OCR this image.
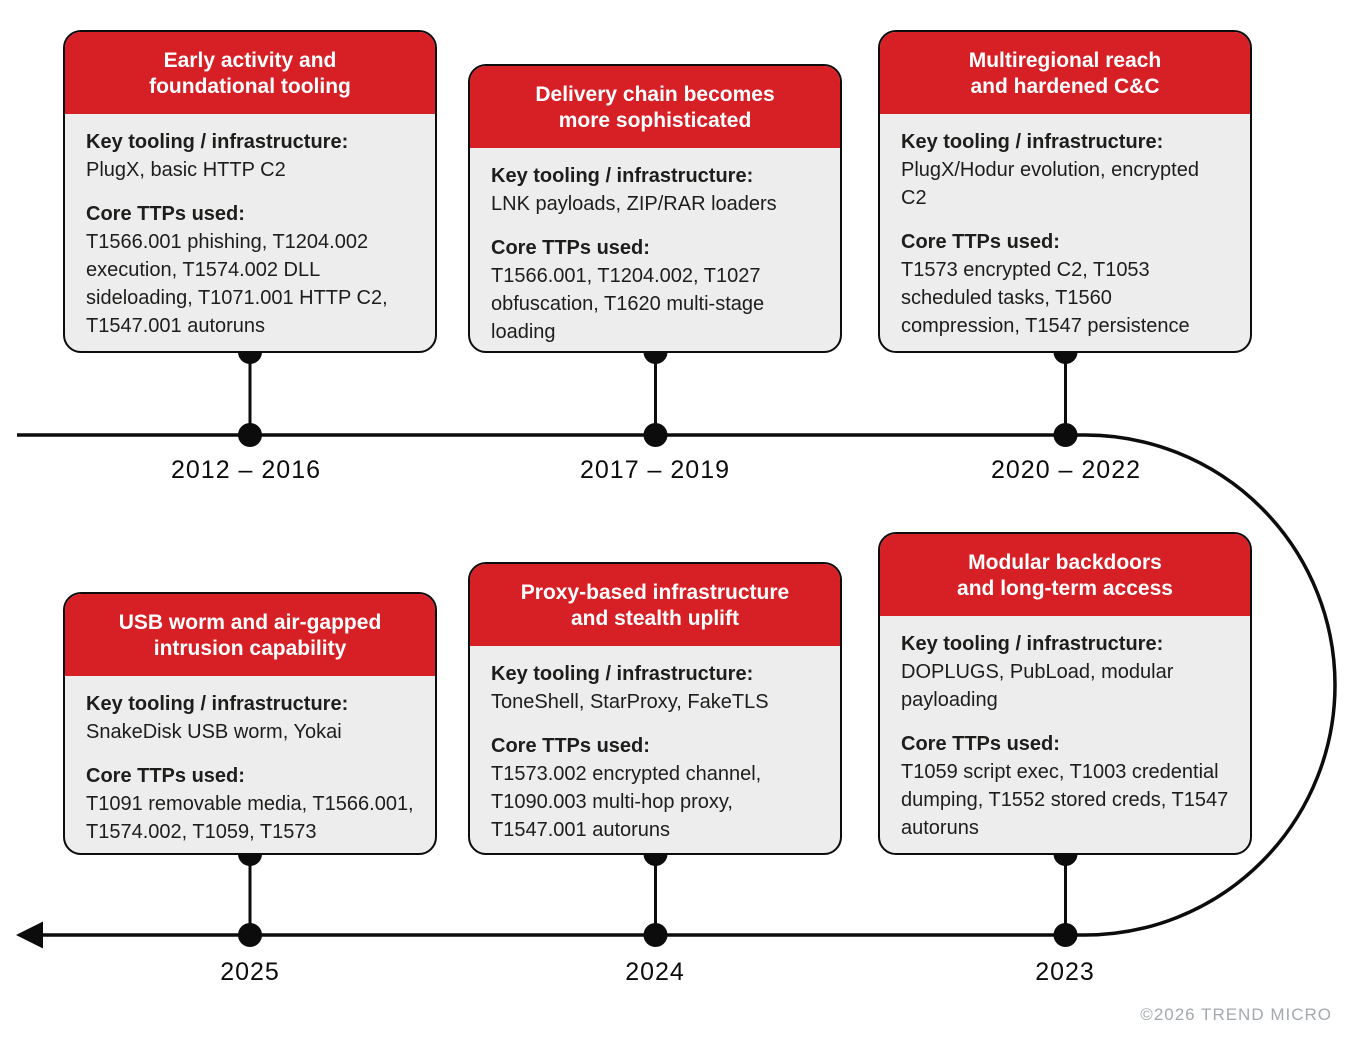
Early activity and
foundational tooling
Key tooling / infrastructure:
PlugX, basic HTTP C2
Core TTPs used:
T1566.001 phishing, T1204.002 execution, T1574.002 DLL sideloading, T1071.001 HTTP C2, T1547.001 autoruns
Delivery chain becomes
more sophisticated
Key tooling / infrastructure:
LNK payloads, ZIP/RAR loaders
Core TTPs used:
T1566.001, T1204.002, T1027 obfuscation, T1620 multi-stage loading
Multiregional reach
and hardened C&C
Key tooling / infrastructure:
PlugX/Hodur evolution, encrypted C2
Core TTPs used:
T1573 encrypted C2, T1053 scheduled tasks, T1560 compression, T1547 persistence
USB worm and air-gapped
intrusion capability
Key tooling / infrastructure:
SnakeDisk USB worm, Yokai
Core TTPs used:
T1091 removable media, T1566.001, T1574.002, T1059, T1573
Proxy-based infrastructure
and stealth uplift
Key tooling / infrastructure:
ToneShell, StarProxy, FakeTLS
Core TTPs used:
T1573.002 encrypted channel, T1090.003 multi-hop proxy, T1547.001 autoruns
Modular backdoors
and long-term access
Key tooling / infrastructure:
DOPLUGS, PubLoad, modular payloading
Core TTPs used:
T1059 script exec, T1003 credential dumping, T1552 stored creds, T1547 autoruns
2012 – 2016	2017 – 2019	2020 – 2022
2025	2024	2023
©2026 TREND MICRO
